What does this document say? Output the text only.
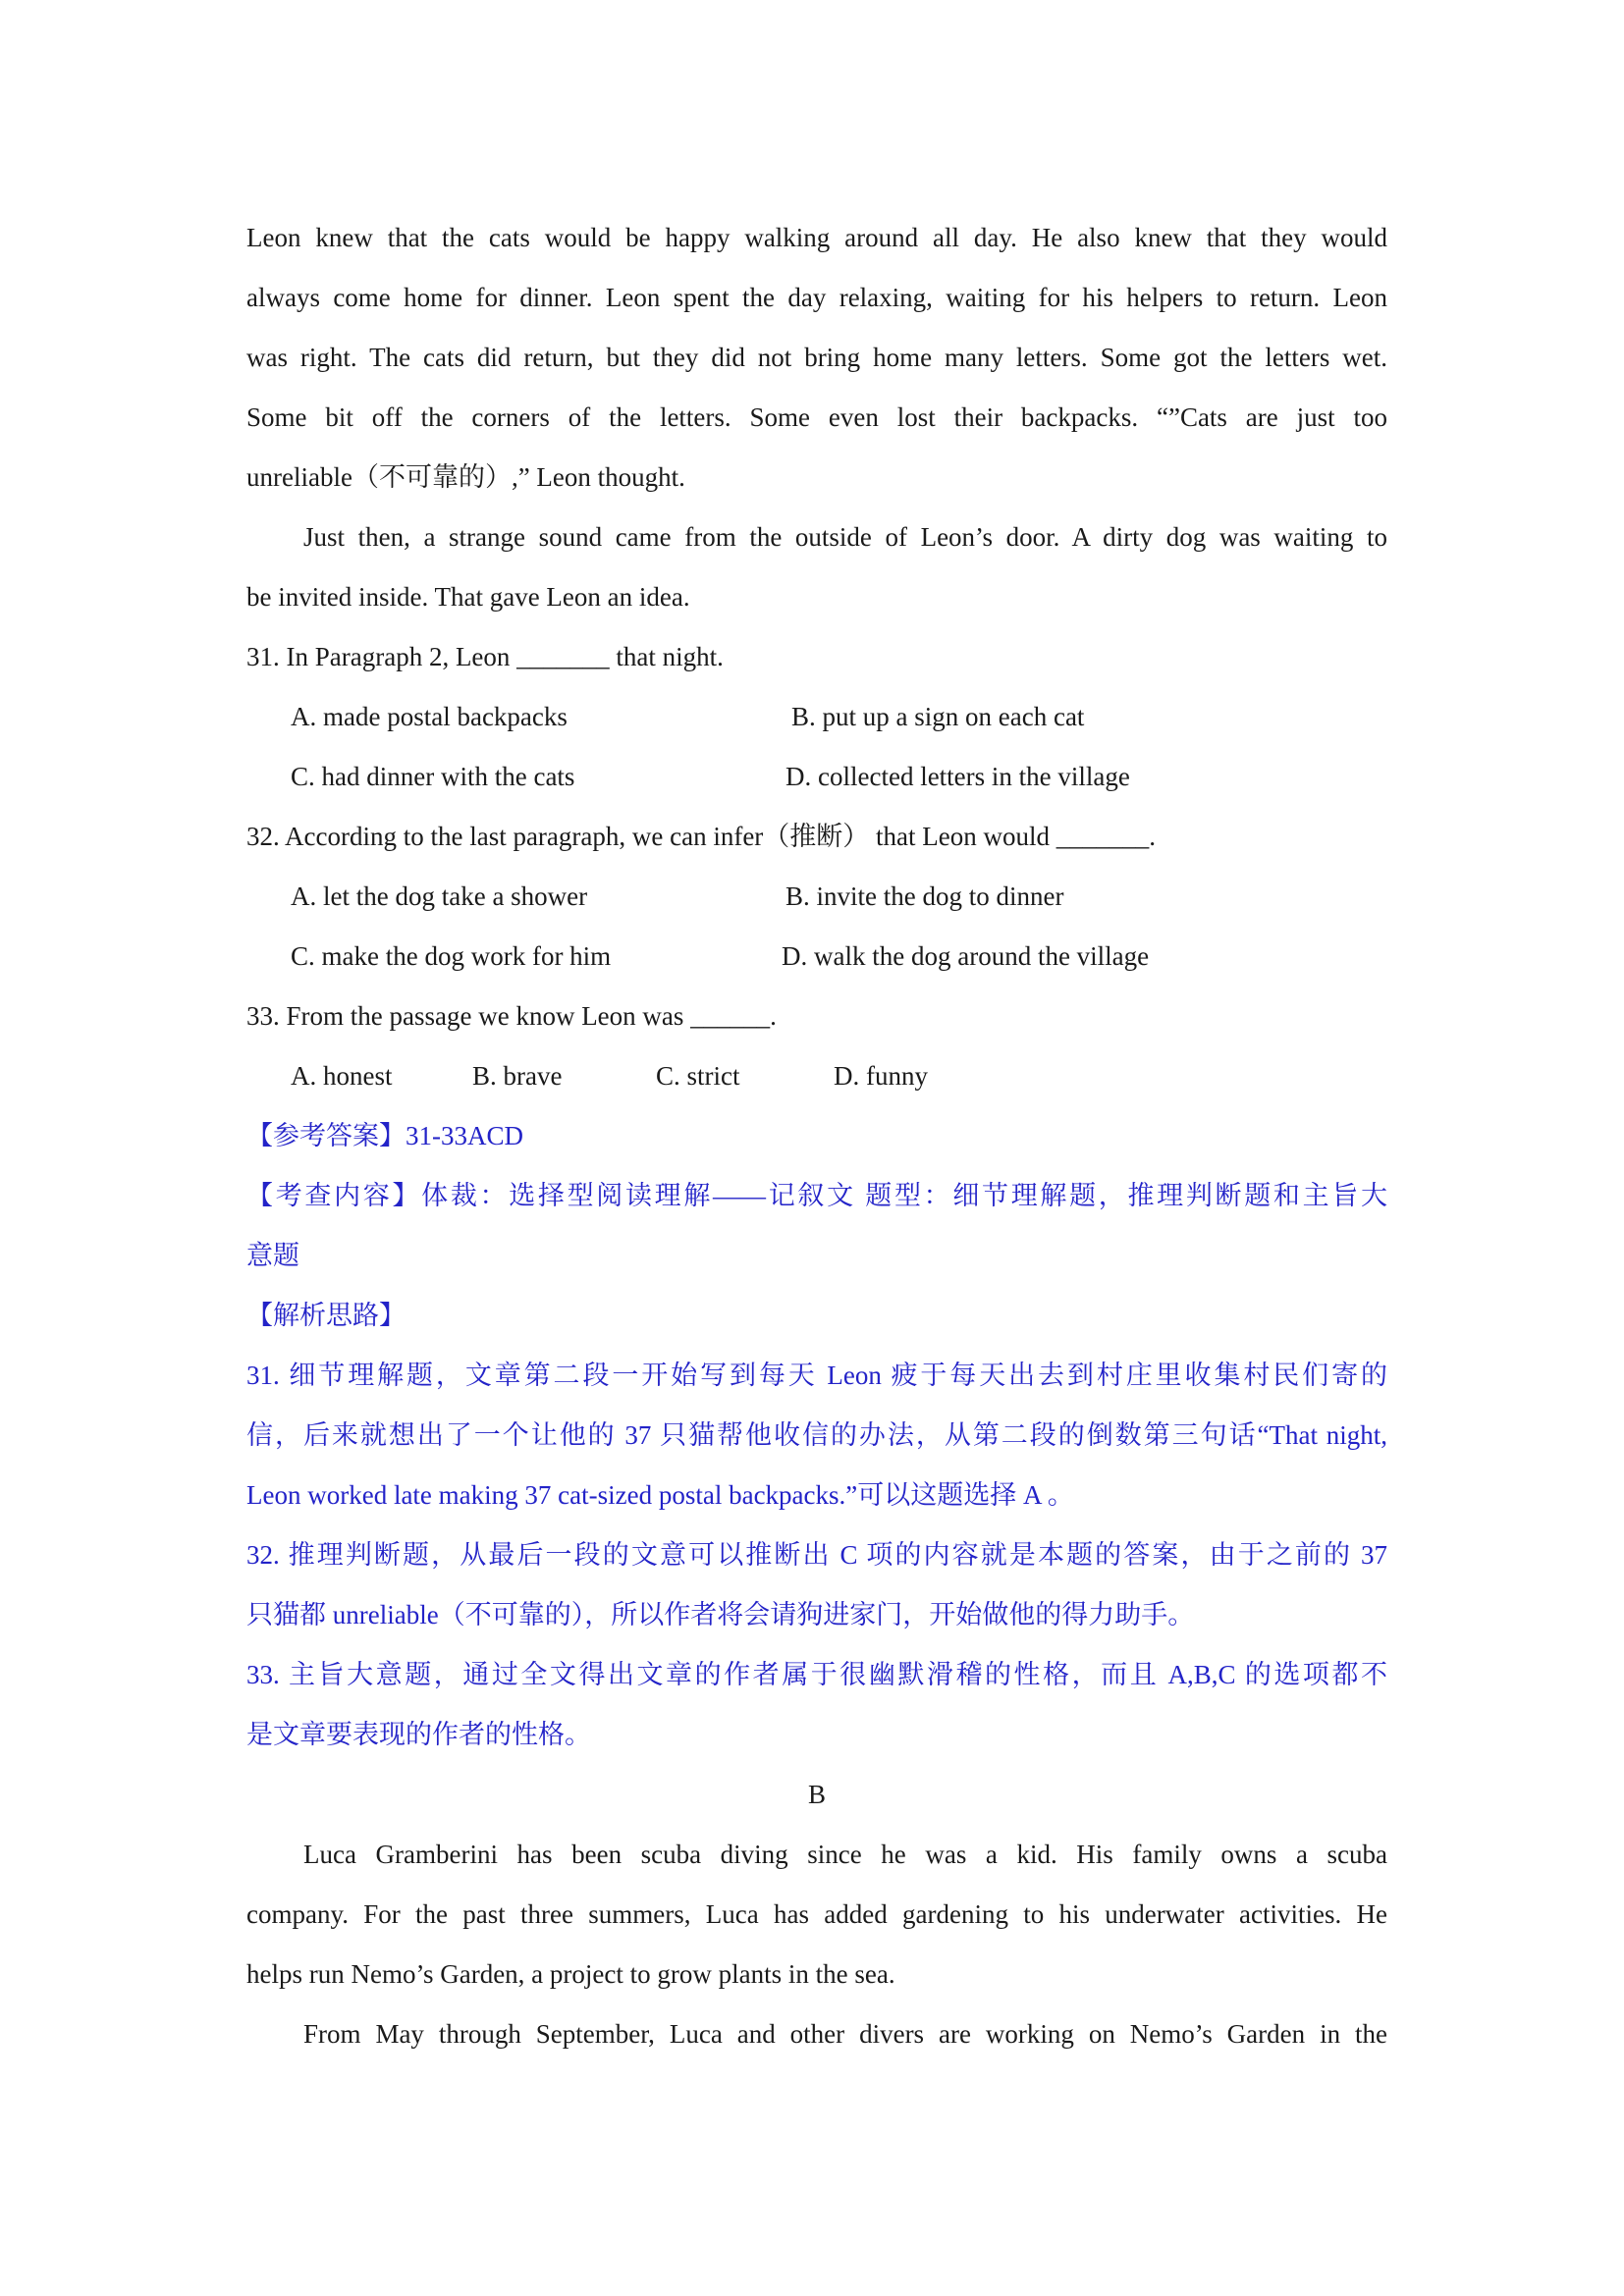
Leon knew that the cats would be happy walking around all day. He also knew that they would
always come home for dinner. Leon spent the day relaxing, waiting for his helpers to return. Leon
was right. The cats did return, but they did not bring home many letters. Some got the letters wet.
Some bit off the corners of the letters. Some even lost their backpacks. “”Cats are just too
unreliable（不可靠的）,” Leon thought.
Just then, a strange sound came from the outside of Leon’s door. A dirty dog was waiting to
be invited inside. That gave Leon an idea.
31. In Paragraph 2, Leon _______ that night.
A. made postal backpacks	B. put up a sign on each cat
C. had dinner with the cats	D. collected letters in the village
32. According to the last paragraph, we can infer（推断） that Leon would _______.
A. let the dog take a shower	B. invite the dog to dinner
C. make the dog work for him	D. walk the dog around the village
33. From the passage we know Leon was ______.
A. honest	B. brave	C. strict	D. funny
【参考答案】31-33ACD
【考查内容】体裁：选择型阅读理解——记叙文 题型：细节理解题，推理判断题和主旨大
意题
【解析思路】
31. 细节理解题，文章第二段一开始写到每天 Leon 疲于每天出去到村庄里收集村民们寄的
信，后来就想出了一个让他的 37 只猫帮他收信的办法，从第二段的倒数第三句话“That night,
Leon worked late making 37 cat-sized postal backpacks.”可以这题选择 A 。
32. 推理判断题，从最后一段的文意可以推断出 C 项的内容就是本题的答案，由于之前的 37
只猫都 unreliable（不可靠的），所以作者将会请狗进家门，开始做他的得力助手。
33. 主旨大意题，通过全文得出文章的作者属于很幽默滑稽的性格，而且 A,B,C 的选项都不
是文章要表现的作者的性格。
B
Luca Gramberini has been scuba diving since he was a kid. His family owns a scuba
company. For the past three summers, Luca has added gardening to his underwater activities. He
helps run Nemo’s Garden, a project to grow plants in the sea.
From May through September, Luca and other divers are working on Nemo’s Garden in the
